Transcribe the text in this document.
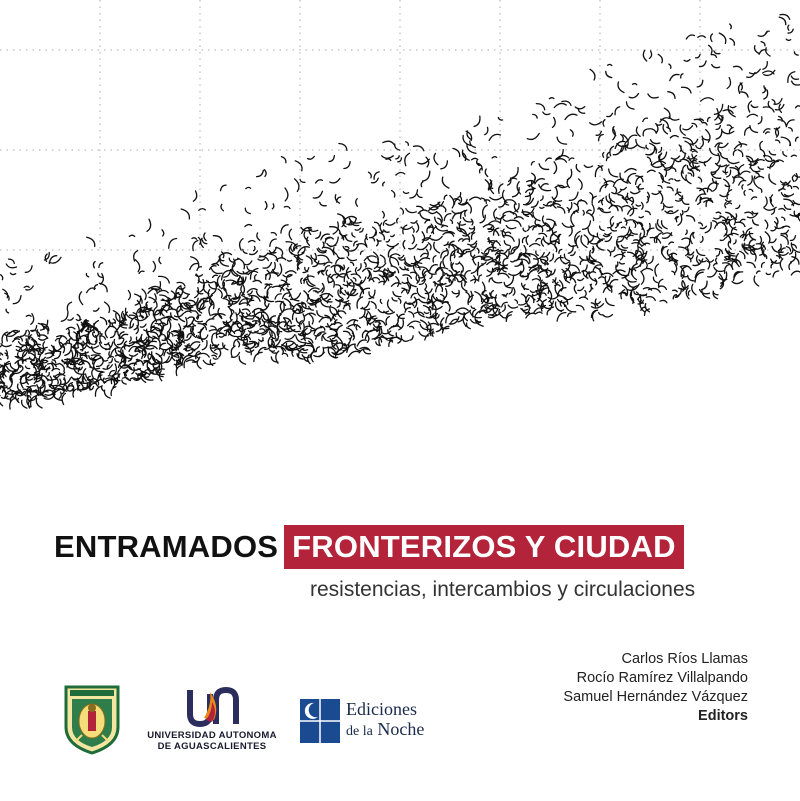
ENTRAMADOS FRONTERIZOS Y CIUDAD
resistencias, intercambios y circulaciones
Carlos Ríos Llamas
Rocío Ramírez Villalpando
Samuel Hernández Vázquez
Editors
UNIVERSIDAD AUTONOMA
DE AGUASCALIENTES
Ediciones
de la Noche
